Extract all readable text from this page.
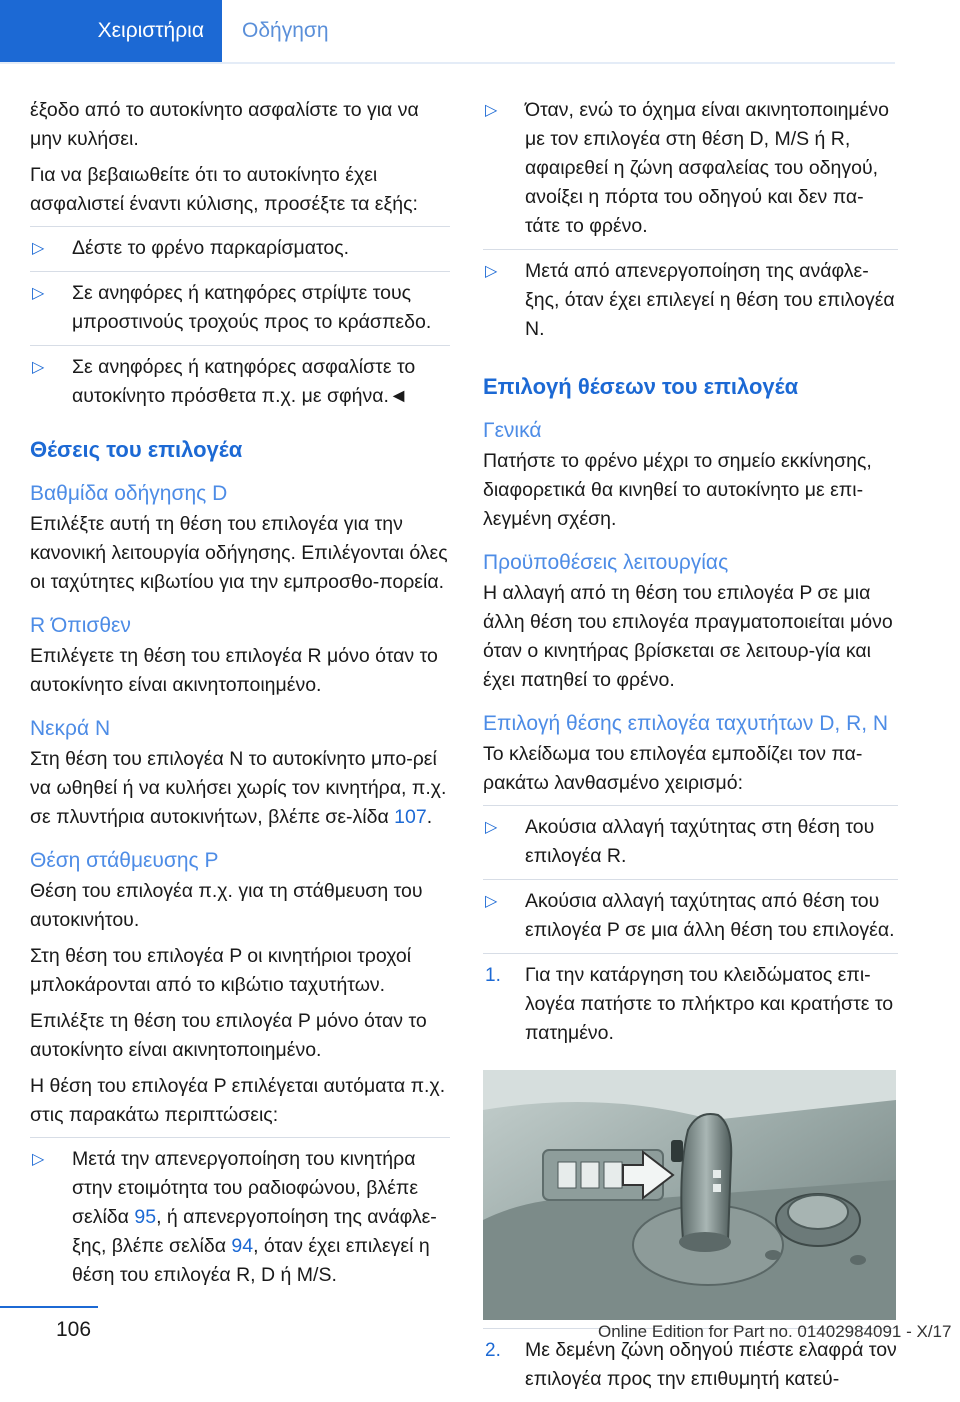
Χειριστήρια	Οδήγηση
έξοδο από το αυτοκίνητο ασφαλίστε το για να μην κυλήσει.
Για να βεβαιωθείτε ότι το αυτοκίνητο έχει ασφαλιστεί έναντι κύλισης, προσέξτε τα εξής:
▷ Δέστε το φρένο παρκαρίσματος.
▷ Σε ανηφόρες ή κατηφόρες στρίψτε τους μπροστινούς τροχούς προς το κράσπεδο.
▷ Σε ανηφόρες ή κατηφόρες ασφαλίστε το αυτοκίνητο πρόσθετα π.χ. με σφήνα.◄
Θέσεις του επιλογέα
Βαθμίδα οδήγησης D
Επιλέξτε αυτή τη θέση του επιλογέα για την κανονική λειτουργία οδήγησης. Επιλέγονται όλες οι ταχύτητες κιβωτίου για την εμπροσθο‐πορεία.
R Όπισθεν
Επιλέγετε τη θέση του επιλογέα R μόνο όταν το αυτοκίνητο είναι ακινητοποιημένο.
Νεκρά N
Στη θέση του επιλογέα N το αυτοκίνητο μπο‐ρεί να ωθηθεί ή να κυλήσει χωρίς τον κινητήρα, π.χ. σε πλυντήρια αυτοκινήτων, βλέπε σε‐λίδα 107.
Θέση στάθμευσης P
Θέση του επιλογέα π.χ. για τη στάθμευση του αυτοκινήτου.
Στη θέση του επιλογέα P οι κινητήριοι τροχοί μπλοκάρονται από το κιβώτιο ταχυτήτων.
Επιλέξτε τη θέση του επιλογέα P μόνο όταν το αυτοκίνητο είναι ακινητοποιημένο.
Η θέση του επιλογέα P επιλέγεται αυτόματα π.χ. στις παρακάτω περιπτώσεις:
▷ Μετά την απενεργοποίηση του κινητήρα στην ετοιμότητα του ραδιοφώνου, βλέπε σελίδα 95, ή απενεργοποίηση της ανάφλε‐ξης, βλέπε σελίδα 94, όταν έχει επιλεγεί η θέση του επιλογέα R, D ή M/S.
▷ Όταν, ενώ το όχημα είναι ακινητοποιημένο με τον επιλογέα στη θέση D, M/S ή R, αφαιρεθεί η ζώνη ασφαλείας του οδηγού, ανοίξει η πόρτα του οδηγού και δεν πα‐τάτε το φρένο.
▷ Μετά από απενεργοποίηση της ανάφλε‐ξης, όταν έχει επιλεγεί η θέση του επιλογέα N.
Επιλογή θέσεων του επιλογέα
Γενικά
Πατήστε το φρένο μέχρι το σημείο εκκίνησης, διαφορετικά θα κινηθεί το αυτοκίνητο με επι‐λεγμένη σχέση.
Προϋποθέσεις λειτουργίας
Η αλλαγή από τη θέση του επιλογέα P σε μια άλλη θέση του επιλογέα πραγματοποιείται μόνο όταν ο κινητήρας βρίσκεται σε λειτουρ‐γία και έχει πατηθεί το φρένο.
Επιλογή θέσης επιλογέα ταχυτήτων D, R, N
Το κλείδωμα του επιλογέα εμποδίζει τον πα‐ρακάτω λανθασμένο χειρισμό:
▷ Ακούσια αλλαγή ταχύτητας στη θέση του επιλογέα R.
▷ Ακούσια αλλαγή ταχύτητας από θέση του επιλογέα P σε μια άλλη θέση του επιλογέα.
1. Για την κατάργηση του κλειδώματος επι‐λογέα πατήστε το πλήκτρο και κρατήστε το πατημένο.
2. Με δεμένη ζώνη οδηγού πιέστε ελαφρά τον επιλογέα προς την επιθυμητή κατεύ‐
106	Online Edition for Part no. 01402984091 - X/17
